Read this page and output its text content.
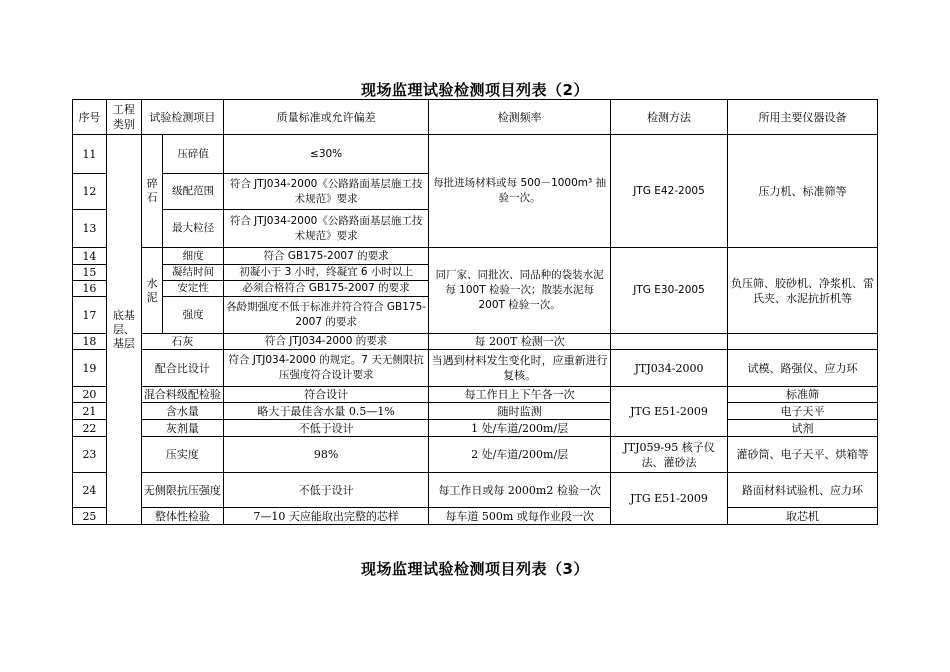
现场监理试验检测项目列表（2）
序号	工程类别	试验检测项目		质量标准或允许偏差	检测频率	检测方法	所用主要仪器设备
11	底基层、基层	碎石	压碎值	≤30%	每批进场材料或每 500－1000m³ 抽验一次。	JTG E42-2005	压力机、标准筛等
12			级配范围	符合 JTJ034-2000《公路路面基层施工技术规范》要求			
13			最大粒径	符合 JTJ034-2000《公路路面基层施工技术规范》要求			
14		水泥	细度	符合 GB175-2007 的要求	同厂家、同批次、同品种的袋装水泥每 100T 检验一次；散装水泥每 200T 检验一次。	JTG E30-2005	负压筛、胶砂机、净浆机、雷氏夹、水泥抗折机等
15			凝结时间	初凝小于 3 小时，终凝宜 6 小时以上			
16			安定性	必须合格符合 GB175-2007 的要求			
17			强度	各龄期强度不低于标准并符合符合 GB175-2007 的要求			
18		石灰		符合 JTJ034-2000 的要求	每 200T 检测一次		
19		配合比设计		符合 JTJ034-2000 的规定。7 天无侧限抗压强度符合设计要求	当遇到材料发生变化时，应重新进行复核。	JTJ034-2000	试模、路强仪、应力环
20		混合料级配检验		符合设计	每工作日上下午各一次	JTG E51-2009	标准筛
21		含水量		略大于最佳含水量 0.5—1%	随时监测		电子天平
22		灰剂量		不低于设计	1 处/车道/200m/层		试剂
23		压实度		98%	2 处/车道/200m/层	JTJ059-95 核子仪法、灌砂法	灌砂筒、电子天平、烘箱等
24		无侧限抗压强度		不低于设计	每工作日或每 2000m2 检验一次	JTG E51-2009	路面材料试验机、应力环
25		整体性检验		7—10 天应能取出完整的芯样	每车道 500m 或每作业段一次		取芯机
现场监理试验检测项目列表（3）
